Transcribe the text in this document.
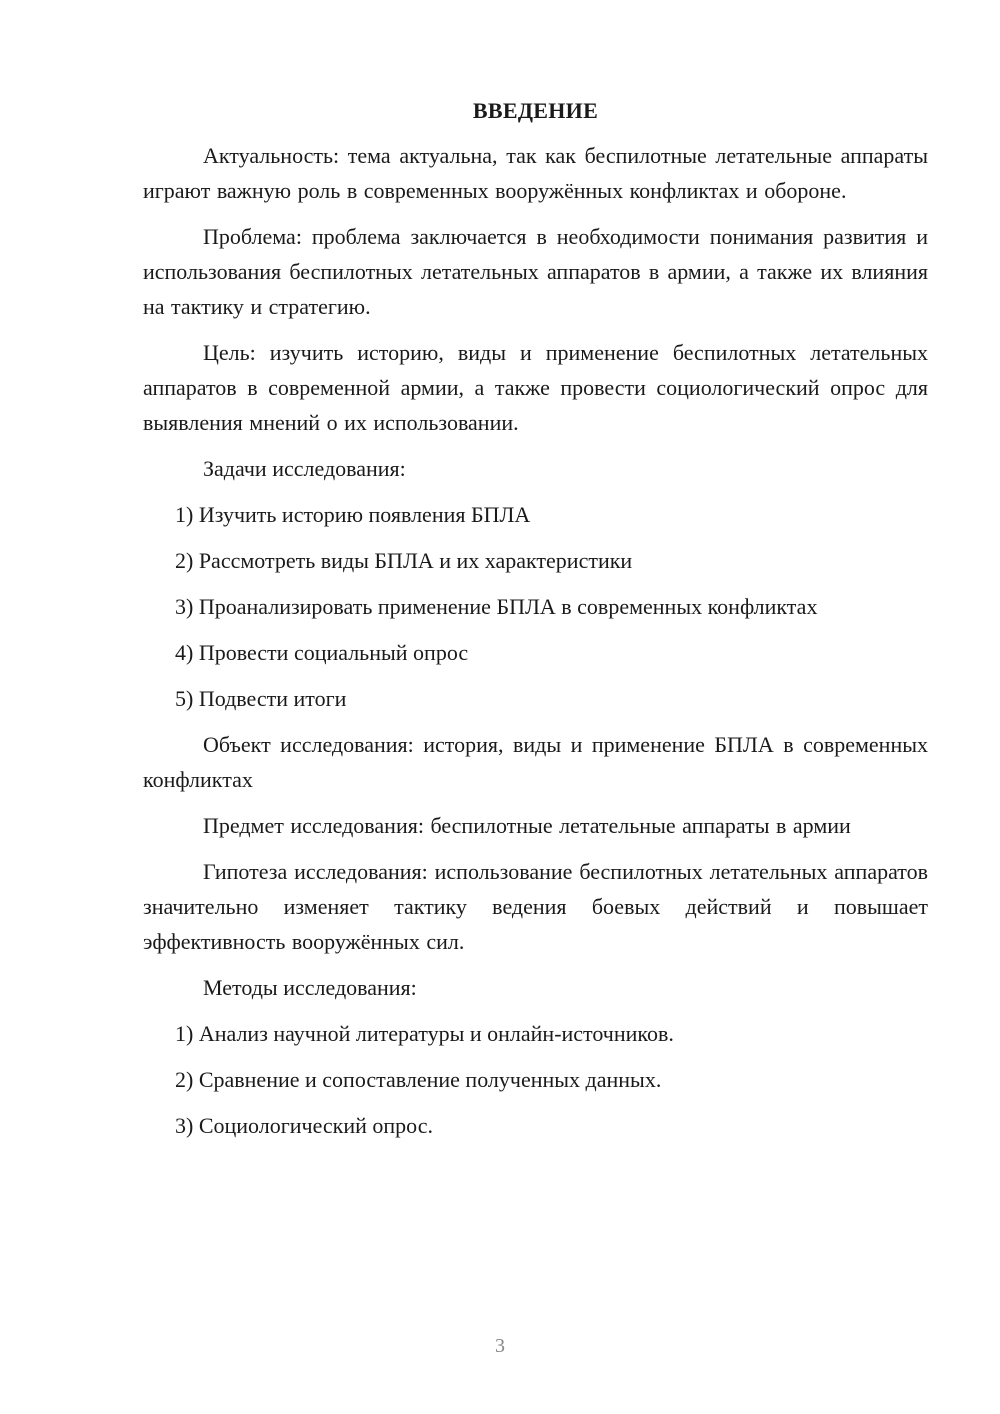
ВВЕДЕНИЕ

Актуальность: тема актуальна, так как беспилотные летательные аппараты играют важную роль в современных вооружённых конфликтах и обороне.

Проблема: проблема заключается в необходимости понимания развития и использования беспилотных летательных аппаратов в армии, а также их влияния на тактику и стратегию.

Цель: изучить историю, виды и применение беспилотных летательных аппаратов в современной армии, а также провести социологический опрос для выявления мнений о их использовании.

Задачи исследования:
1) Изучить историю появления БПЛА
2) Рассмотреть виды БПЛА и их характеристики
3) Проанализировать применение БПЛА в современных конфликтах
4) Провести социальный опрос
5) Подвести итоги

Объект исследования: история, виды и применение БПЛА в современных конфликтах

Предмет исследования: беспилотные летательные аппараты в армии

Гипотеза исследования: использование беспилотных летательных аппаратов значительно изменяет тактику ведения боевых действий и повышает эффективность вооружённых сил.

Методы исследования:
1) Анализ научной литературы и онлайн-источников.
2) Сравнение и сопоставление полученных данных.
3) Социологический опрос.
3
